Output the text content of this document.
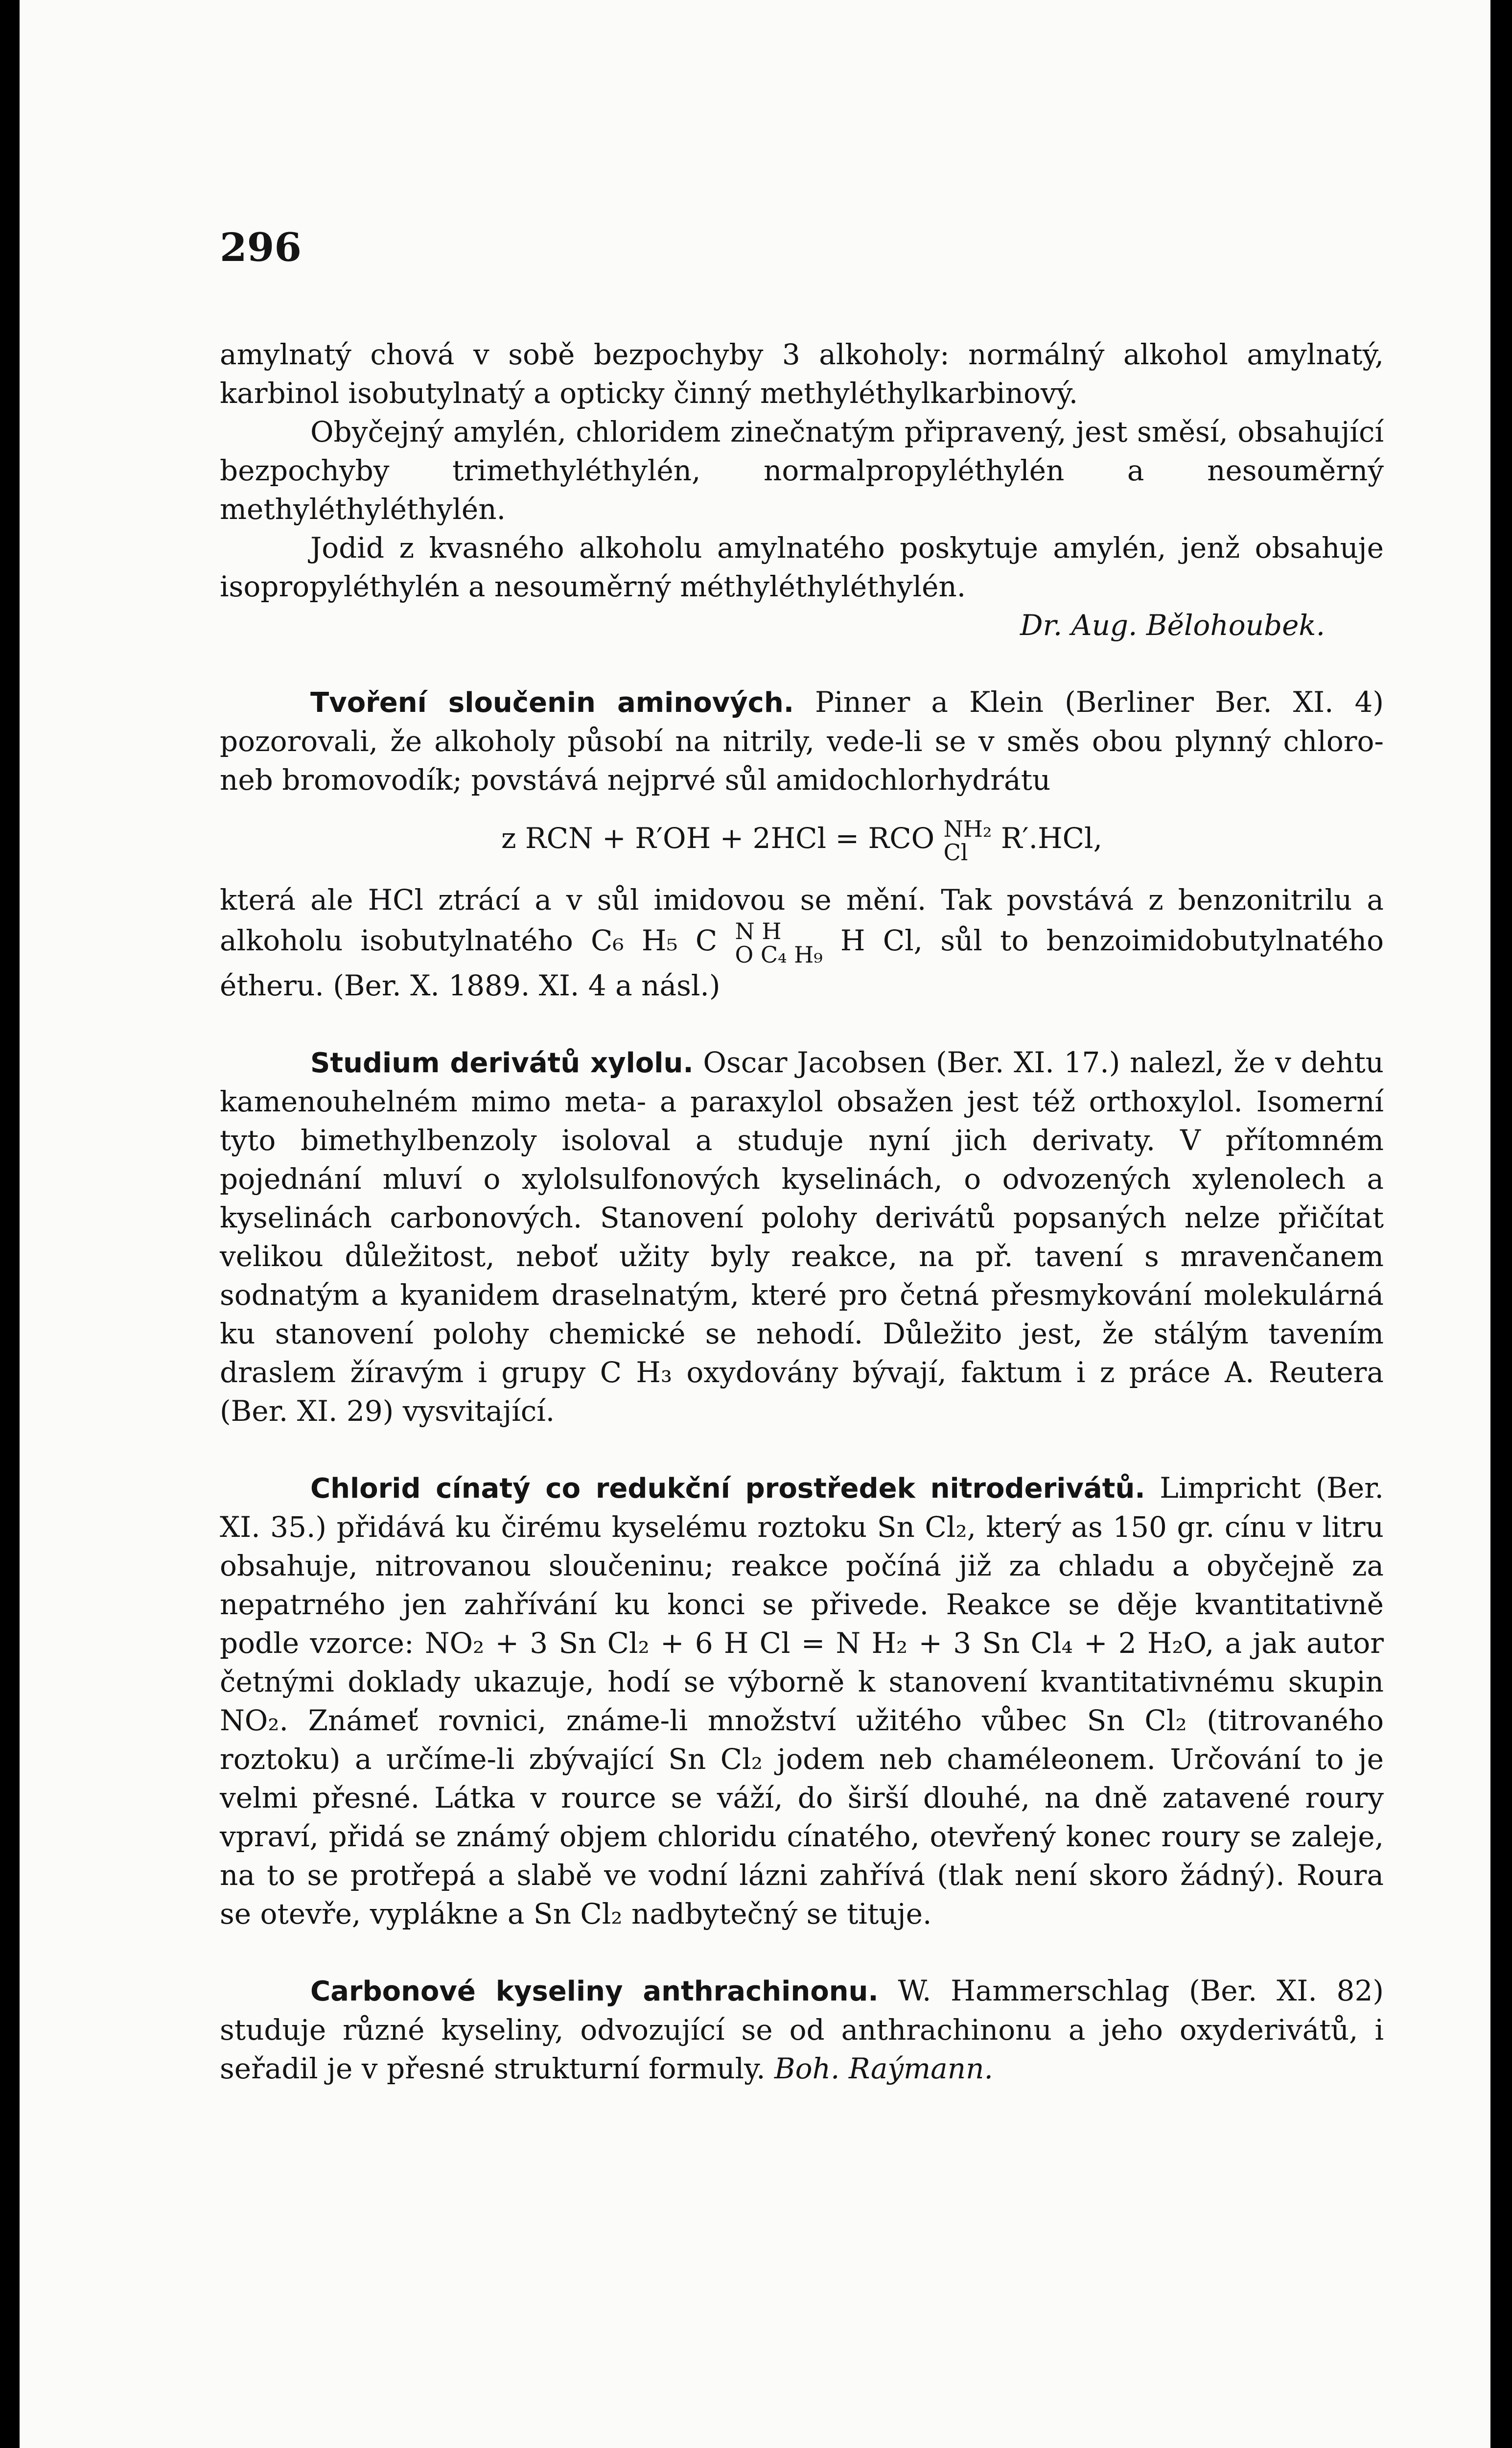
296

amylnatý chová v sobě bezpochyby 3 alkoholy: normálný alkohol amylnatý, karbinol isobutylnatý a opticky činný methyléthylkarbinový.

Obyčejný amylén, chloridem zinečnatým připravený, jest směsí, obsahující bezpochyby trimethyléthylén, normalpropyléthylén a nesouměrný methyléthyléthylén.

Jodid z kvasného alkoholu amylnatého poskytuje amylén, jenž obsahuje isopropyléthylén a nesouměrný méthyléthyléthylén.

Dr. Aug. Bělohoubek.

Tvoření sloučenin aminových. Pinner a Klein (Berliner Ber. XI. 4) pozorovali, že alkoholy působí na nitrily, vede-li se v směs obou plynný chloro- neb bromovodík; povstává nejprvé sůl amidochlorhydrátu

z RCN + R′OH + 2HCl = RCO NH₂
Cl	R′.HCl,

která ale HCl ztrácí a v sůl imidovou se mění. Tak povstává z benzonitrilu a alkoholu isobutylnatého C₆ H₅ C N H
O C₄ H₉ H Cl, sůl to benzoimidobutylnatého étheru. (Ber. X. 1889. XI. 4 a násl.)

Studium derivátů xylolu. Oscar Jacobsen (Ber. XI. 17.) nalezl, že v dehtu kamenouhelném mimo meta- a paraxylol obsažen jest též orthoxylol. Isomerní tyto bimethylbenzoly isoloval a studuje nyní jich derivaty. V přítomném pojednání mluví o xylolsulfonových kyselinách, o odvozených xylenolech a kyselinách carbonových. Stanovení polohy derivátů popsaných nelze přičítat velikou důležitost, neboť užity byly reakce, na př. tavení s mravenčanem sodnatým a kyanidem draselnatým, které pro četná přesmykování molekulárná ku stanovení polohy chemické se nehodí. Důležito jest, že stálým tavením draslem žíravým i grupy C H₃ oxydovány bývají, faktum i z práce A. Reutera (Ber. XI. 29) vysvitající.

Chlorid cínatý co redukční prostředek nitroderivátů. Limpricht (Ber. XI. 35.) přidává ku čirému kyselému roztoku Sn Cl₂, který as 150 gr. cínu v litru obsahuje, nitrovanou sloučeninu; reakce počíná již za chladu a obyčejně za nepatrného jen zahřívání ku konci se přivede. Reakce se děje kvantitativně podle vzorce: NO₂ + 3 Sn Cl₂ + 6 H Cl = N H₂ + 3 Sn Cl₄ + 2 H₂O, a jak autor četnými doklady ukazuje, hodí se výborně k stanovení kvantitativnému skupin NO₂. Známeť rovnici, známe-li množství užitého vůbec Sn Cl₂ (titrovaného roztoku) a určíme-li zbývající Sn Cl₂ jodem neb chaméleonem. Určování to je velmi přesné. Látka v rource se váží, do širší dlouhé, na dně zatavené roury vpraví, přidá se známý objem chloridu cínatého, otevřený konec roury se zaleje, na to se protřepá a slabě ve vodní lázni zahřívá (tlak není skoro žádný). Roura se otevře, vypláknе a Sn Cl₂ nadbytečný se tituje.

Carbonové kyseliny anthrachinonu. W. Hammerschlag (Ber. XI. 82) studuje různé kyseliny, odvozující se od anthrachinonu a jeho oxyderivátů, i seřadil je v přesné strukturní formuly. Boh. Raýmann.
